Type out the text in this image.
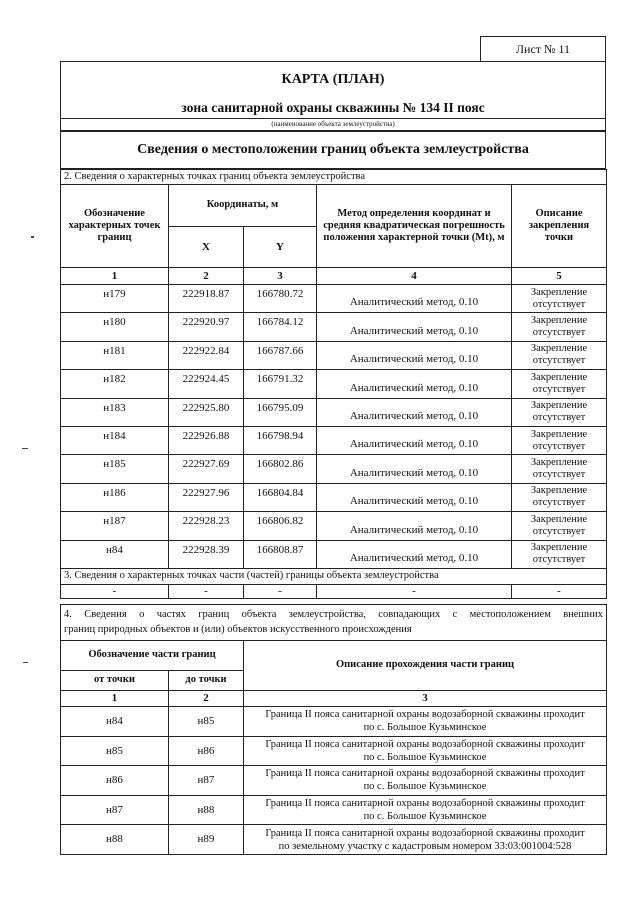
Лист № 11
КАРТА (ПЛАН)
зона санитарной охраны скважины № 134 II пояс
(наименование объекта землеустройства)
Сведения о местоположении границ объекта землеустройства
2. Сведения о характерных точках границ объекта землеустройства				
Обозначение характерных точек границ	Координаты, м		Метод определения координат и средняя квадратическая погрешность положения характерной точки (Mt), м	Описание закрепления точки
	X	Y		
1	2	3	4	5
н179	222918.87	166780.72	Аналитический метод, 0.10	Закрепление отсутствует
н180	222920.97	166784.12	Аналитический метод, 0.10	Закрепление отсутствует
н181	222922.84	166787.66	Аналитический метод, 0.10	Закрепление отсутствует
н182	222924.45	166791.32	Аналитический метод, 0.10	Закрепление отсутствует
н183	222925.80	166795.09	Аналитический метод, 0.10	Закрепление отсутствует
н184	222926.88	166798.94	Аналитический метод, 0.10	Закрепление отсутствует
н185	222927.69	166802.86	Аналитический метод, 0.10	Закрепление отсутствует
н186	222927.96	166804.84	Аналитический метод, 0.10	Закрепление отсутствует
н187	222928.23	166806.82	Аналитический метод, 0.10	Закрепление отсутствует
н84	222928.39	166808.87	Аналитический метод, 0.10	Закрепление отсутствует
3. Сведения о характерных точках части (частей) границы объекта землеустройства				
-	-	-	-	-
4. Сведения о частях границ объекта землеустройства, совпадающих с местоположением внешних
границ природных объектов и (или) объектов искусственного происхождения		

Обозначение части границ		Описание прохождения части границ
от точки	до точки	
1	2	3
н84	н85	Граница II пояса санитарной охраны водозаборной скважины проходит
по с. Большое Кузьминское

н85	н86	Граница II пояса санитарной охраны водозаборной скважины проходит
по с. Большое Кузьминское

н86	н87	Граница II пояса санитарной охраны водозаборной скважины проходит
по с. Большое Кузьминское

н87	н88	Граница II пояса санитарной охраны водозаборной скважины проходит
по с. Большое Кузьминское

н88	н89	Граница II пояса санитарной охраны водозаборной скважины проходит
по земельному участку с кадастровым номером 33:03:001004:528
